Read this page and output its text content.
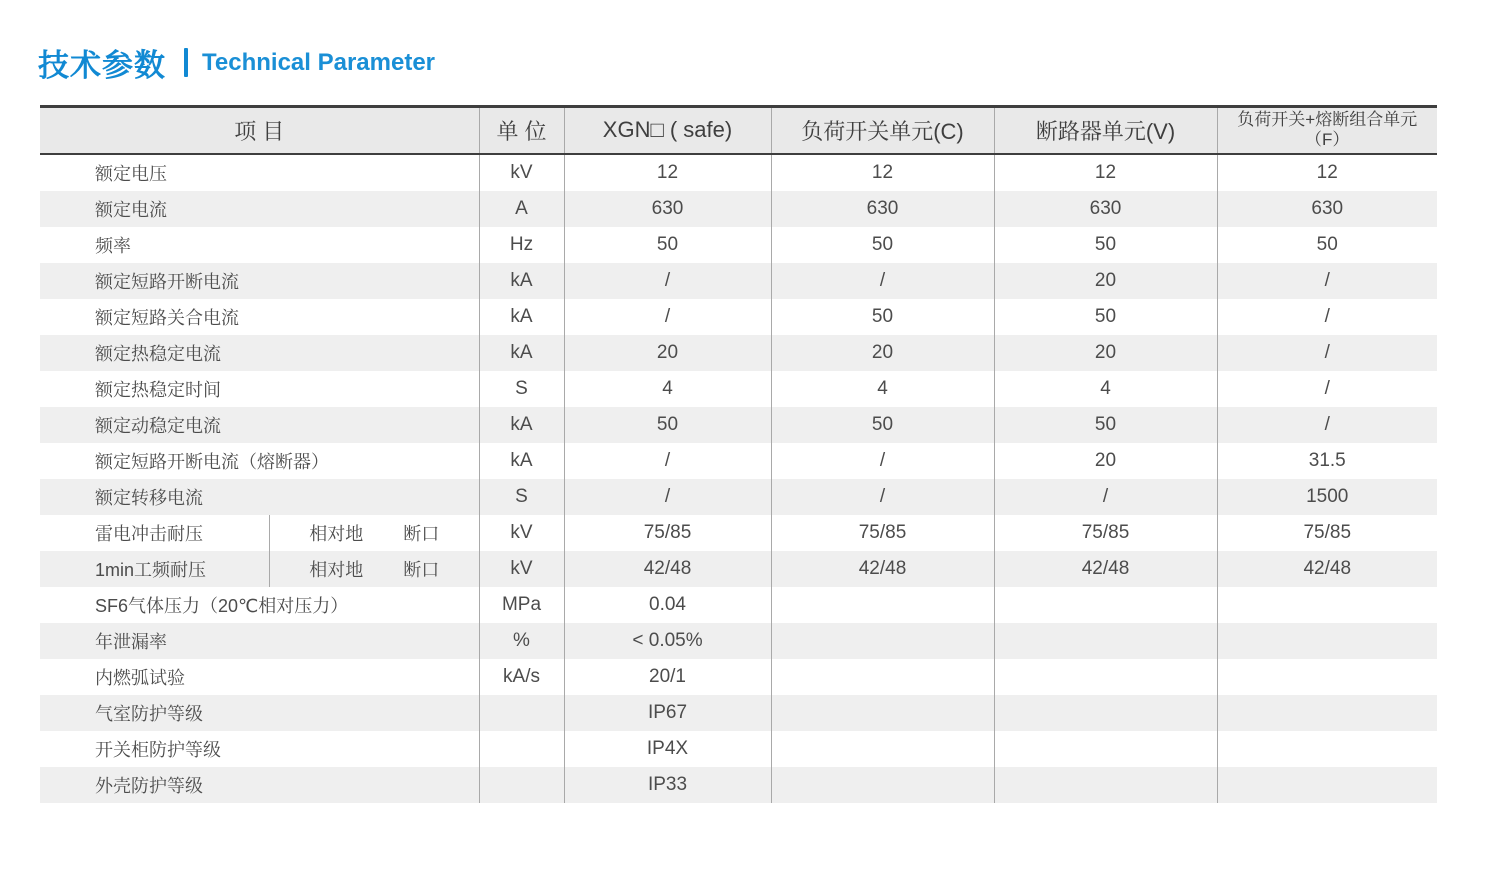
技术参数 Technical Parameter
项 目	单 位	XGN□ ( safe)	负荷开关单元(C)	断路器单元(V)	负荷开关+熔断组合单元
（F）

额定电压	kV	12	12	12	12

额定电流	A	630	630	630	630

频率	Hz	50	50	50	50

额定短路开断电流	kA	/	/	20	/

额定短路关合电流	kA	/	50	50	/

额定热稳定电流	kA	20	20	20	/

额定热稳定时间	S	4	4	4	/

额定动稳定电流	kA	50	50	50	/

额定短路开断电流（熔断器）	kA	/	/	20	31.5

额定转移电流	S	/	/	/	1500

雷电冲击耐压 相对地 断口	kV	75/85	75/85	75/85	75/85

1min工频耐压 相对地 断口	kV	42/48	42/48	42/48	42/48

SF6气体压力（20℃相对压力）	MPa	0.04			

年泄漏率	%	< 0.05%			

内燃弧试验	kA/s	20/1			

气室防护等级		IP67			

开关柜防护等级		IP4X			

外壳防护等级		IP33			
